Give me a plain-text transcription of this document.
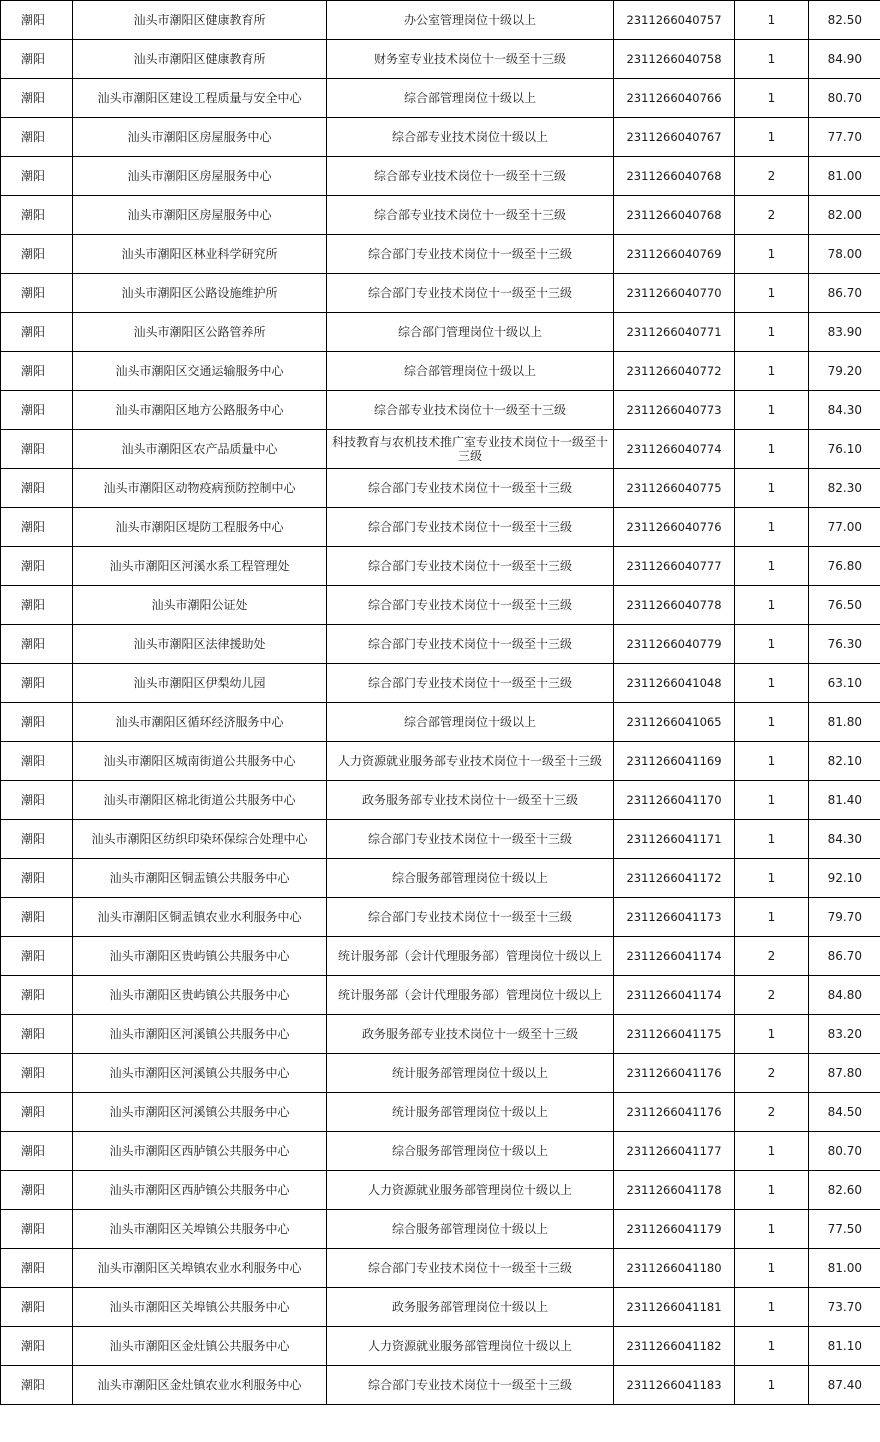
潮阳	汕头市潮阳区健康教育所	办公室管理岗位十级以上	2311266040757	1	82.50
潮阳	汕头市潮阳区健康教育所	财务室专业技术岗位十一级至十三级	2311266040758	1	84.90
潮阳	汕头市潮阳区建设工程质量与安全中心	综合部管理岗位十级以上	2311266040766	1	80.70
潮阳	汕头市潮阳区房屋服务中心	综合部专业技术岗位十级以上	2311266040767	1	77.70
潮阳	汕头市潮阳区房屋服务中心	综合部专业技术岗位十一级至十三级	2311266040768	2	81.00
潮阳	汕头市潮阳区房屋服务中心	综合部专业技术岗位十一级至十三级	2311266040768	2	82.00
潮阳	汕头市潮阳区林业科学研究所	综合部门专业技术岗位十一级至十三级	2311266040769	1	78.00
潮阳	汕头市潮阳区公路设施维护所	综合部门专业技术岗位十一级至十三级	2311266040770	1	86.70
潮阳	汕头市潮阳区公路管养所	综合部门管理岗位十级以上	2311266040771	1	83.90
潮阳	汕头市潮阳区交通运输服务中心	综合部管理岗位十级以上	2311266040772	1	79.20
潮阳	汕头市潮阳区地方公路服务中心	综合部专业技术岗位十一级至十三级	2311266040773	1	84.30
潮阳	汕头市潮阳区农产品质量中心	科技教育与农机技术推广室专业技术岗位十一级至十三级	2311266040774	1	76.10
潮阳	汕头市潮阳区动物疫病预防控制中心	综合部门专业技术岗位十一级至十三级	2311266040775	1	82.30
潮阳	汕头市潮阳区堤防工程服务中心	综合部门专业技术岗位十一级至十三级	2311266040776	1	77.00
潮阳	汕头市潮阳区河溪水系工程管理处	综合部门专业技术岗位十一级至十三级	2311266040777	1	76.80
潮阳	汕头市潮阳公证处	综合部门专业技术岗位十一级至十三级	2311266040778	1	76.50
潮阳	汕头市潮阳区法律援助处	综合部门专业技术岗位十一级至十三级	2311266040779	1	76.30
潮阳	汕头市潮阳区伊梨幼儿园	综合部门专业技术岗位十一级至十三级	2311266041048	1	63.10
潮阳	汕头市潮阳区循环经济服务中心	综合部管理岗位十级以上	2311266041065	1	81.80
潮阳	汕头市潮阳区城南街道公共服务中心	人力资源就业服务部专业技术岗位十一级至十三级	2311266041169	1	82.10
潮阳	汕头市潮阳区棉北街道公共服务中心	政务服务部专业技术岗位十一级至十三级	2311266041170	1	81.40
潮阳	汕头市潮阳区纺织印染环保综合处理中心	综合部门专业技术岗位十一级至十三级	2311266041171	1	84.30
潮阳	汕头市潮阳区铜盂镇公共服务中心	综合服务部管理岗位十级以上	2311266041172	1	92.10
潮阳	汕头市潮阳区铜盂镇农业水利服务中心	综合部门专业技术岗位十一级至十三级	2311266041173	1	79.70
潮阳	汕头市潮阳区贵屿镇公共服务中心	统计服务部（会计代理服务部）管理岗位十级以上	2311266041174	2	86.70
潮阳	汕头市潮阳区贵屿镇公共服务中心	统计服务部（会计代理服务部）管理岗位十级以上	2311266041174	2	84.80
潮阳	汕头市潮阳区河溪镇公共服务中心	政务服务部专业技术岗位十一级至十三级	2311266041175	1	83.20
潮阳	汕头市潮阳区河溪镇公共服务中心	统计服务部管理岗位十级以上	2311266041176	2	87.80
潮阳	汕头市潮阳区河溪镇公共服务中心	统计服务部管理岗位十级以上	2311266041176	2	84.50
潮阳	汕头市潮阳区西胪镇公共服务中心	综合服务部管理岗位十级以上	2311266041177	1	80.70
潮阳	汕头市潮阳区西胪镇公共服务中心	人力资源就业服务部管理岗位十级以上	2311266041178	1	82.60
潮阳	汕头市潮阳区关埠镇公共服务中心	综合服务部管理岗位十级以上	2311266041179	1	77.50
潮阳	汕头市潮阳区关埠镇农业水利服务中心	综合部门专业技术岗位十一级至十三级	2311266041180	1	81.00
潮阳	汕头市潮阳区关埠镇公共服务中心	政务服务部管理岗位十级以上	2311266041181	1	73.70
潮阳	汕头市潮阳区金灶镇公共服务中心	人力资源就业服务部管理岗位十级以上	2311266041182	1	81.10
潮阳	汕头市潮阳区金灶镇农业水利服务中心	综合部门专业技术岗位十一级至十三级	2311266041183	1	87.40
